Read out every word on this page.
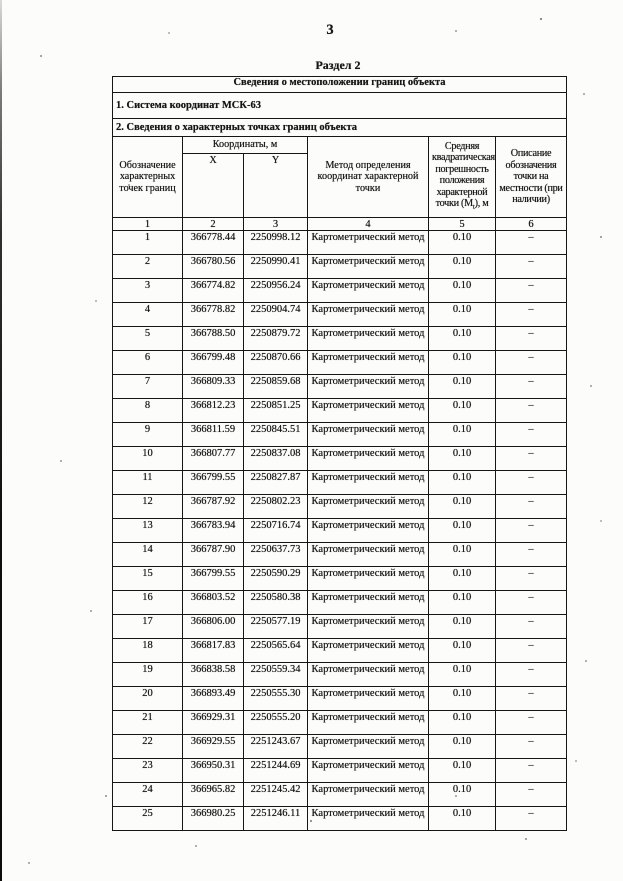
3
Раздел 2
Сведения о местоположении границ объекта					
1. Система координат МСК-63					
2. Сведения о характерных точках границ объекта					
Обозначение характерных точек границ	Координаты, м		Метод определения координат характерной точки	Средняя квадратическая погрешность положения характерной точки $(М_t)$, м	Описание обозначения точки на местности (при наличии)
	X	Y			
1	2	3	4	5	6
1	366778.44	2250998.12	Картометрический метод	0.10	–
2	366780.56	2250990.41	Картометрический метод	0.10	–
3	366774.82	2250956.24	Картометрический метод	0.10	–
4	366778.82	2250904.74	Картометрический метод	0.10	–
5	366788.50	2250879.72	Картометрический метод	0.10	–
6	366799.48	2250870.66	Картометрический метод	0.10	–
7	366809.33	2250859.68	Картометрический метод	0.10	–
8	366812.23	2250851.25	Картометрический метод	0.10	–
9	366811.59	2250845.51	Картометрический метод	0.10	–
10	366807.77	2250837.08	Картометрический метод	0.10	–
11	366799.55	2250827.87	Картометрический метод	0.10	–
12	366787.92	2250802.23	Картометрический метод	0.10	–
13	366783.94	2250716.74	Картометрический метод	0.10	–
14	366787.90	2250637.73	Картометрический метод	0.10	–
15	366799.55	2250590.29	Картометрический метод	0.10	–
16	366803.52	2250580.38	Картометрический метод	0.10	–
17	366806.00	2250577.19	Картометрический метод	0.10	–
18	366817.83	2250565.64	Картометрический метод	0.10	–
19	366838.58	2250559.34	Картометрический метод	0.10	–
20	366893.49	2250555.30	Картометрический метод	0.10	–
21	366929.31	2250555.20	Картометрический метод	0.10	–
22	366929.55	2251243.67	Картометрический метод	0.10	–
23	366950.31	2251244.69	Картометрический метод	0.10	–
24	366965.82	2251245.42	Картометрический метод	0.10	–
25	366980.25	2251246.11	Картометрический метод	0.10	–
